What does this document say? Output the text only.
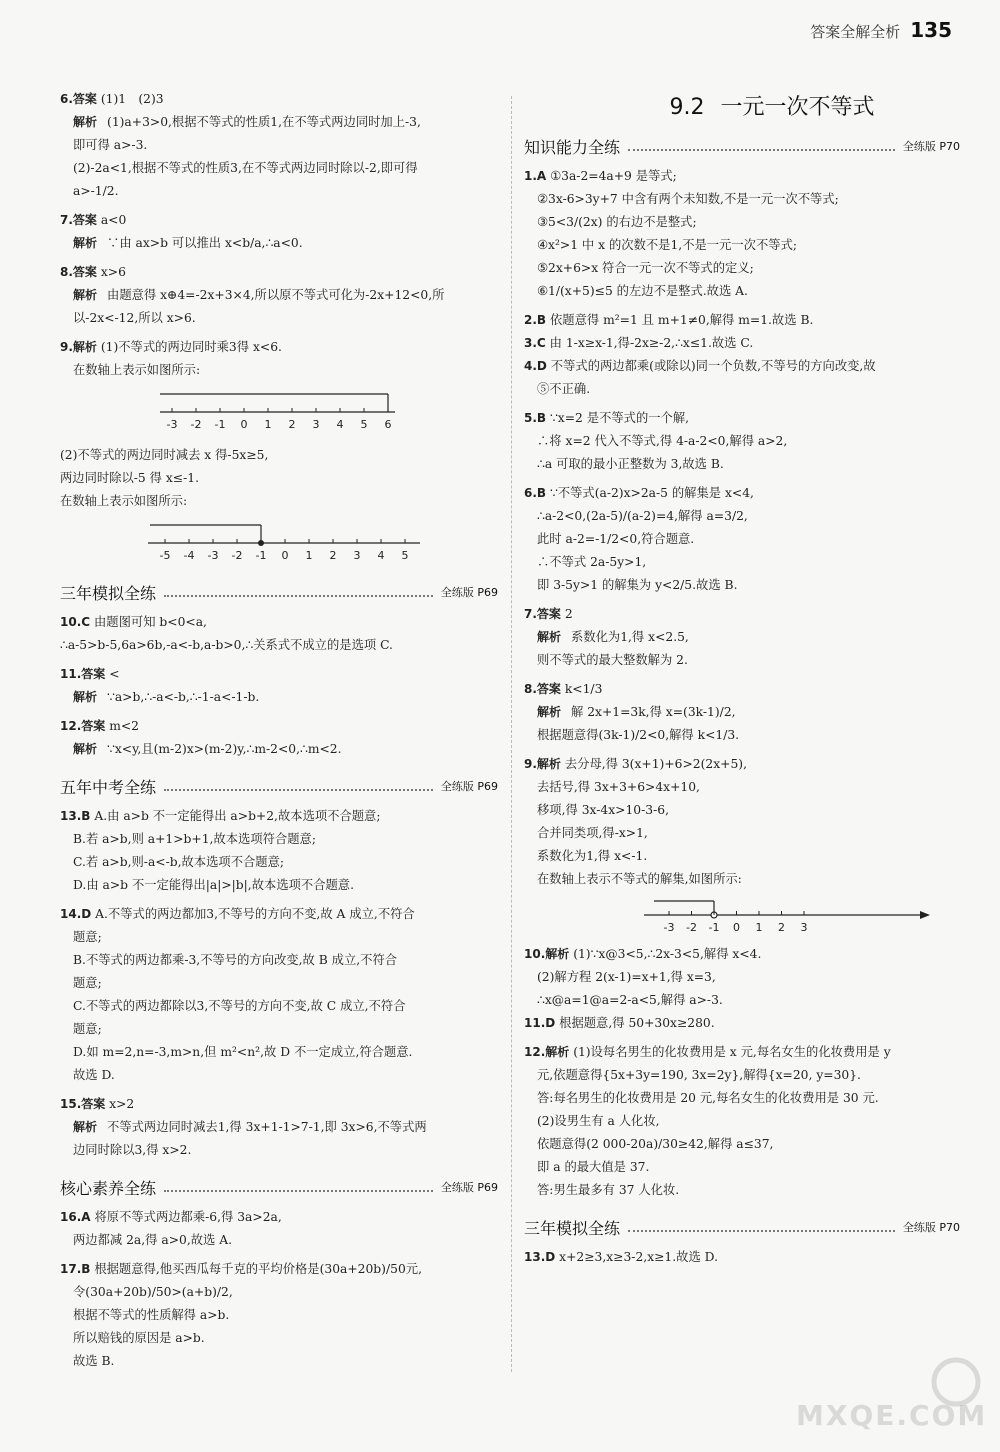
答案全解全析 135
6.答案 (1)1　(2)3
解析 (1)a+3>0,根据不等式的性质1,在不等式两边同时加上-3,
即可得 a>-3.
(2)-2a<1,根据不等式的性质3,在不等式两边同时除以-2,即可得
a>-1/2.
7.答案 a<0
解析 ∵由 ax>b 可以推出 x<b/a,∴a<0.
8.答案 x>6
解析 由题意得 x⊕4=-2x+3×4,所以原不等式可化为-2x+12<0,所
以-2x<-12,所以 x>6.
9.解析 (1)不等式的两边同时乘3得 x<6.
在数轴上表示如图所示:
-3 -2 -1 0 1 2 3 4 5 6
(2)不等式的两边同时减去 x 得-5x≥5,
两边同时除以-5 得 x≤-1.
在数轴上表示如图所示:
-5 -4 -3 -2 -1 0 1 2 3 4 5
三年模拟全练	全练版 P69
10.C 由题图可知 b<0<a,
∴a-5>b-5,6a>6b,-a<-b,a-b>0,∴关系式不成立的是选项 C.
11.答案 <
解析 ∵a>b,∴-a<-b,∴-1-a<-1-b.
12.答案 m<2
解析 ∵x<y,且(m-2)x>(m-2)y,∴m-2<0,∴m<2.
五年中考全练	全练版 P69
13.B A.由 a>b 不一定能得出 a>b+2,故本选项不合题意;
B.若 a>b,则 a+1>b+1,故本选项符合题意;
C.若 a>b,则-a<-b,故本选项不合题意;
D.由 a>b 不一定能得出|a|>|b|,故本选项不合题意.
14.D A.不等式的两边都加3,不等号的方向不变,故 A 成立,不符合
题意;
B.不等式的两边都乘-3,不等号的方向改变,故 B 成立,不符合
题意;
C.不等式的两边都除以3,不等号的方向不变,故 C 成立,不符合
题意;
D.如 m=2,n=-3,m>n,但 m²<n²,故 D 不一定成立,符合题意.
故选 D.
15.答案 x>2
解析 不等式两边同时减去1,得 3x+1-1>7-1,即 3x>6,不等式两
边同时除以3,得 x>2.
核心素养全练	全练版 P69
16.A 将原不等式两边都乘-6,得 3a>2a,
两边都减 2a,得 a>0,故选 A.
17.B 根据题意得,他买西瓜每千克的平均价格是(30a+20b)/50元,
令(30a+20b)/50>(a+b)/2,
根据不等式的性质解得 a>b.
所以赔钱的原因是 a>b.
故选 B.
9.2 一元一次不等式
知识能力全练	全练版 P70
1.A ①3a-2=4a+9 是等式;
②3x-6>3y+7 中含有两个未知数,不是一元一次不等式;
③5<3/(2x) 的右边不是整式;
④x²>1 中 x 的次数不是1,不是一元一次不等式;
⑤2x+6>x 符合一元一次不等式的定义;
⑥1/(x+5)≤5 的左边不是整式.故选 A.
2.B 依题意得 m²=1 且 m+1≠0,解得 m=1.故选 B.
3.C 由 1-x≥x-1,得-2x≥-2,∴x≤1.故选 C.
4.D 不等式的两边都乘(或除以)同一个负数,不等号的方向改变,故
⑤不正确.
5.B ∵x=2 是不等式的一个解,
∴将 x=2 代入不等式,得 4-a-2<0,解得 a>2,
∴a 可取的最小正整数为 3,故选 B.
6.B ∵不等式(a-2)x>2a-5 的解集是 x<4,
∴a-2<0,(2a-5)/(a-2)=4,解得 a=3/2,
此时 a-2=-1/2<0,符合题意.
∴不等式 2a-5y>1,
即 3-5y>1 的解集为 y<2/5.故选 B.
7.答案 2
解析 系数化为1,得 x<2.5,
则不等式的最大整数解为 2.
8.答案 k<1/3
解析 解 2x+1=3k,得 x=(3k-1)/2,
根据题意得(3k-1)/2<0,解得 k<1/3.
9.解析 去分母,得 3(x+1)+6>2(2x+5),
去括号,得 3x+3+6>4x+10,
移项,得 3x-4x>10-3-6,
合并同类项,得-x>1,
系数化为1,得 x<-1.
在数轴上表示不等式的解集,如图所示:
-3 -2 -1 0 1 2 3
10.解析 (1)∵x@3<5,∴2x-3<5,解得 x<4.
(2)解方程 2(x-1)=x+1,得 x=3,
∴x@a=1@a=2-a<5,解得 a>-3.
11.D 根据题意,得 50+30x≥280.
12.解析 (1)设每名男生的化妆费用是 x 元,每名女生的化妆费用是 y
元,依题意得{5x+3y=190, 3x=2y},解得{x=20, y=30}.
答:每名男生的化妆费用是 20 元,每名女生的化妆费用是 30 元.
(2)设男生有 a 人化妆,
依题意得(2 000-20a)/30≥42,解得 a≤37,
即 a 的最大值是 37.
答:男生最多有 37 人化妆.
三年模拟全练	全练版 P70
13.D x+2≥3,x≥3-2,x≥1.故选 D.
MXQE.COM
